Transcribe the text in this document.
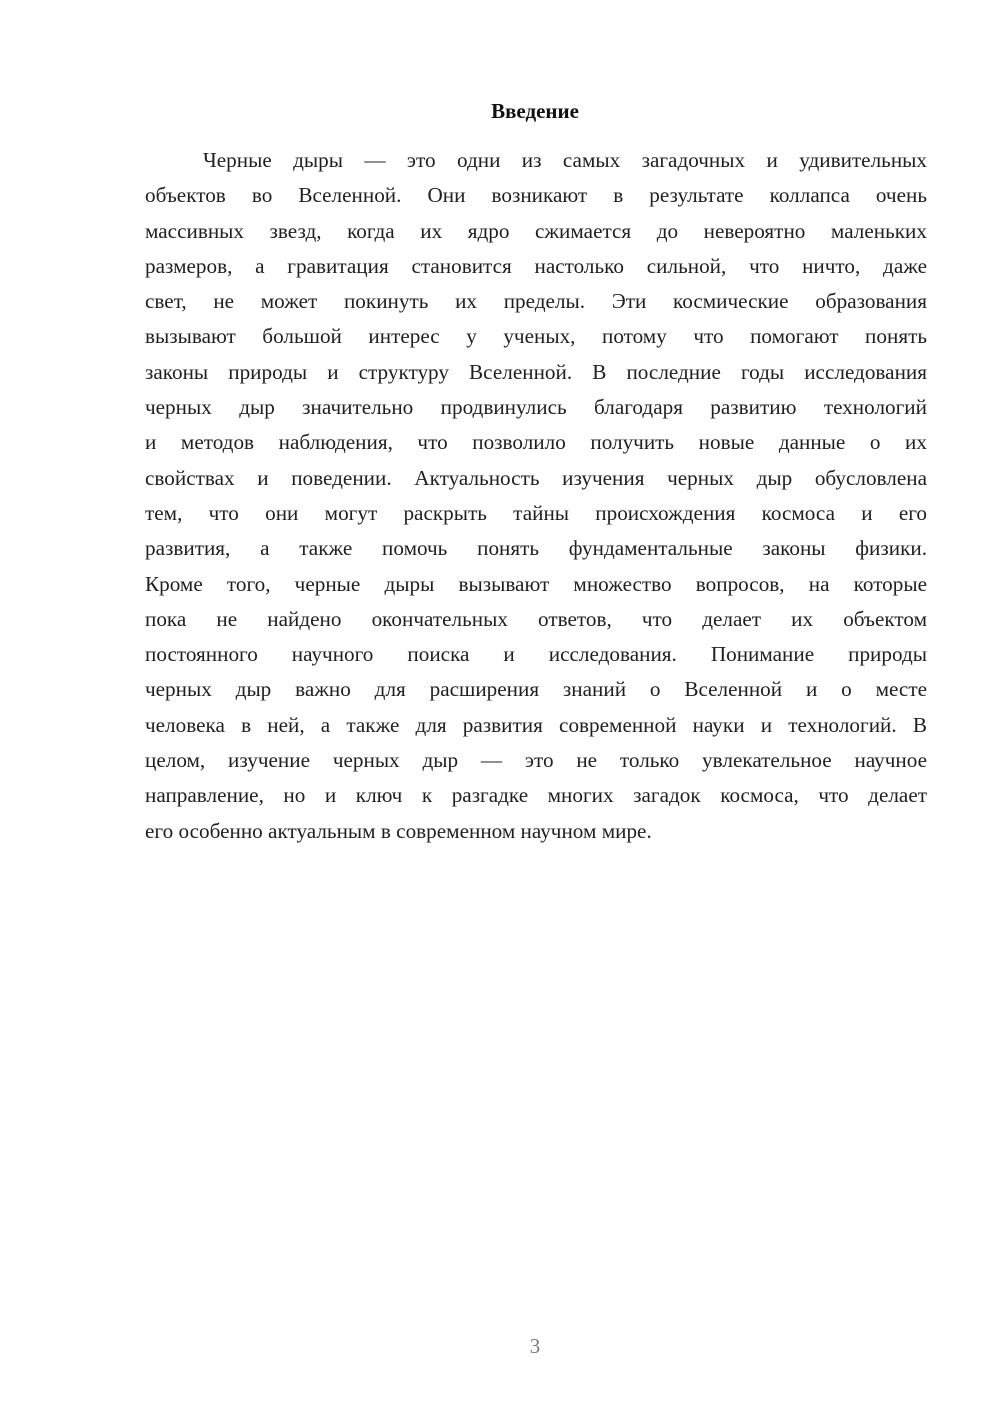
Введение
Черные дыры — это одни из самых загадочных и удивительных
объектов во Вселенной. Они возникают в результате коллапса очень
массивных звезд, когда их ядро сжимается до невероятно маленьких
размеров, а гравитация становится настолько сильной, что ничто, даже
свет, не может покинуть их пределы. Эти космические образования
вызывают большой интерес у ученых, потому что помогают понять
законы природы и структуру Вселенной. В последние годы исследования
черных дыр значительно продвинулись благодаря развитию технологий
и методов наблюдения, что позволило получить новые данные о их
свойствах и поведении. Актуальность изучения черных дыр обусловлена
тем, что они могут раскрыть тайны происхождения космоса и его
развития, а также помочь понять фундаментальные законы физики.
Кроме того, черные дыры вызывают множество вопросов, на которые
пока не найдено окончательных ответов, что делает их объектом
постоянного научного поиска и исследования. Понимание природы
черных дыр важно для расширения знаний о Вселенной и о месте
человека в ней, а также для развития современной науки и технологий. В
целом, изучение черных дыр — это не только увлекательное научное
направление, но и ключ к разгадке многих загадок космоса, что делает
его особенно актуальным в современном научном мире.
3
